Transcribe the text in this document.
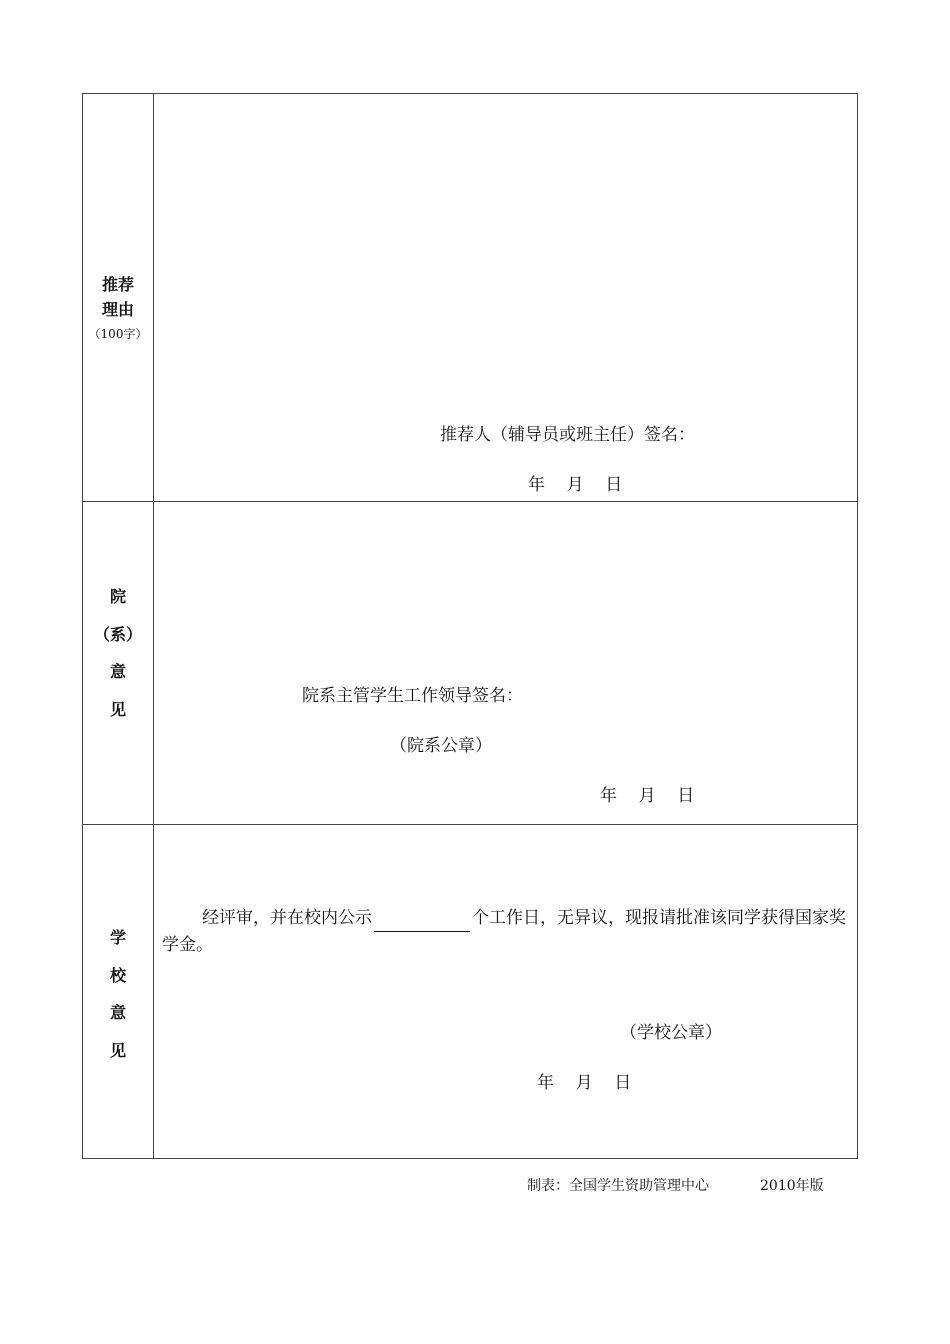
推荐
理由
（100字）
推荐人（辅导员或班主任）签名：
年    月    日
院
（系）
意
见
院系主管学生工作领导签名：
（院系公章）
年    月    日
学
校
意
见
经评审，并在校内公示	个工作日，无异议，现报请批准该同学获得国家奖学金。
（学校公章）
年    月    日
制表：全国学生资助管理中心	2010年版
